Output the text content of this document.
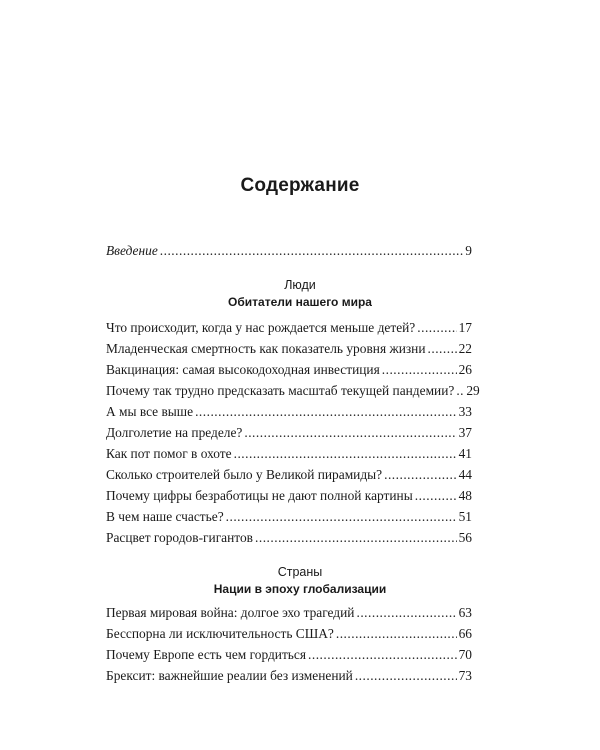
Содержание
Введение .....	9
Люди
Обитатели нашего мира
Что происходит, когда у нас рождается меньше детей? .....	17
Младенческая смертность как показатель уровня жизни ..... 22
Вакцинация: самая высокодоходная инвестиция .....	26
Почему так трудно предсказать масштаб текущей пандемии? ..... 29
А мы все выше .....	33
Долголетие на пределе? .....	37
Как пот помог в охоте .....	41
Сколько строителей было у Великой пирамиды? .....	44
Почему цифры безработицы не дают полной картины .....	48
В чем наше счастье? .....	51
Расцвет городов-гигантов .....	56
Страны
Нации в эпоху глобализации
Первая мировая война: долгое эхо трагедий .....	63
Бесспорна ли исключительность США? .....	66
Почему Европе есть чем гордиться .....	70
Брексит: важнейшие реалии без изменений .....	73
